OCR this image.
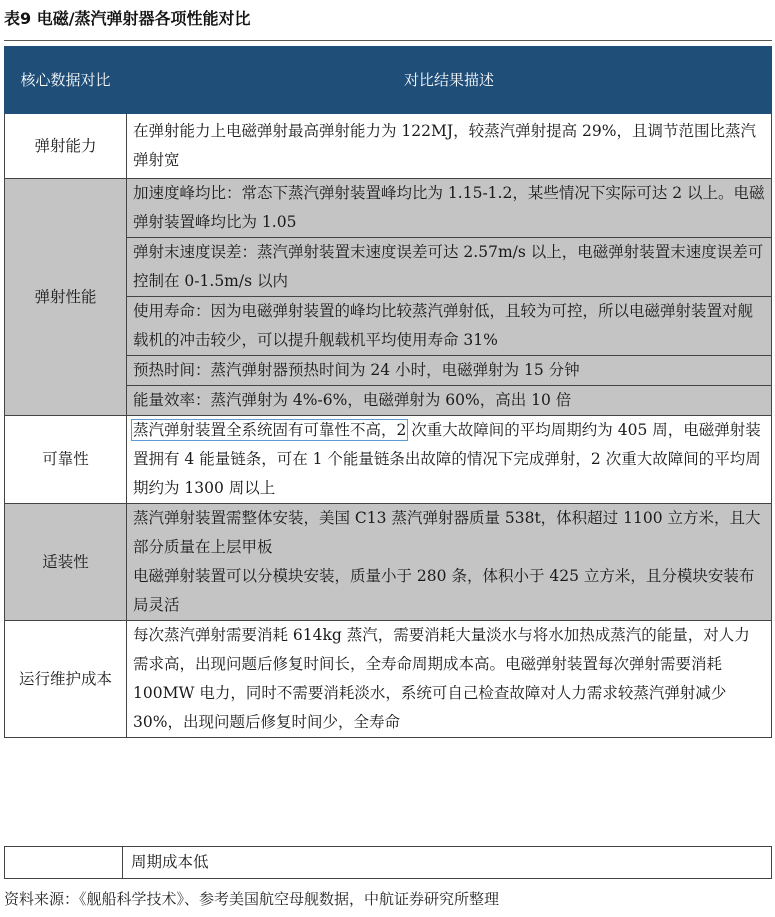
表9 电磁/蒸汽弹射器各项性能对比
核心数据对比	对比结果描述
弹射能力	在弹射能力上电磁弹射最高弹射能力为 122MJ，较蒸汽弹射提高 29%，且调节范围比蒸汽弹射宽
弹射性能	加速度峰均比：常态下蒸汽弹射装置峰均比为 1.15-1.2，某些情况下实际可达 2 以上。电磁弹射装置峰均比为 1.05
	弹射末速度误差：蒸汽弹射装置末速度误差可达 2.57m/s 以上，电磁弹射装置末速度误差可控制在 0-1.5m/s 以内
	使用寿命：因为电磁弹射装置的峰均比较蒸汽弹射低，且较为可控，所以电磁弹射装置对舰载机的冲击较少，可以提升舰载机平均使用寿命 31%
	预热时间：蒸汽弹射器预热时间为 24 小时，电磁弹射为 15 分钟
	能量效率：蒸汽弹射为 4%-6%，电磁弹射为 60%，高出 10 倍
可靠性	蒸汽弹射装置全系统固有可靠性不高，2 次重大故障间的平均周期约为 405 周，电磁弹射装置拥有 4 能量链条，可在 1 个能量链条出故障的情况下完成弹射，2 次重大故障间的平均周期约为 1300 周以上
适装性	蒸汽弹射装置需整体安装，美国 C13 蒸汽弹射器质量 538t，体积超过 1100 立方米，且大部分质量在上层甲板
电磁弹射装置可以分模块安装，质量小于 280 条，体积小于 425 立方米，且分模块安装布局灵活

运行维护成本	每次蒸汽弹射需要消耗 614kg 蒸汽，需要消耗大量淡水与将水加热成蒸汽的能量，对人力需求高，出现问题后修复时间长，全寿命周期成本高。电磁弹射装置每次弹射需要消耗 100MW 电力，同时不需要消耗淡水，系统可自己检查故障对人力需求较蒸汽弹射减少 30%，出现问题后修复时间少，全寿命
	周期成本低
资料来源：《舰船科学技术》、参考美国航空母舰数据，中航证券研究所整理
